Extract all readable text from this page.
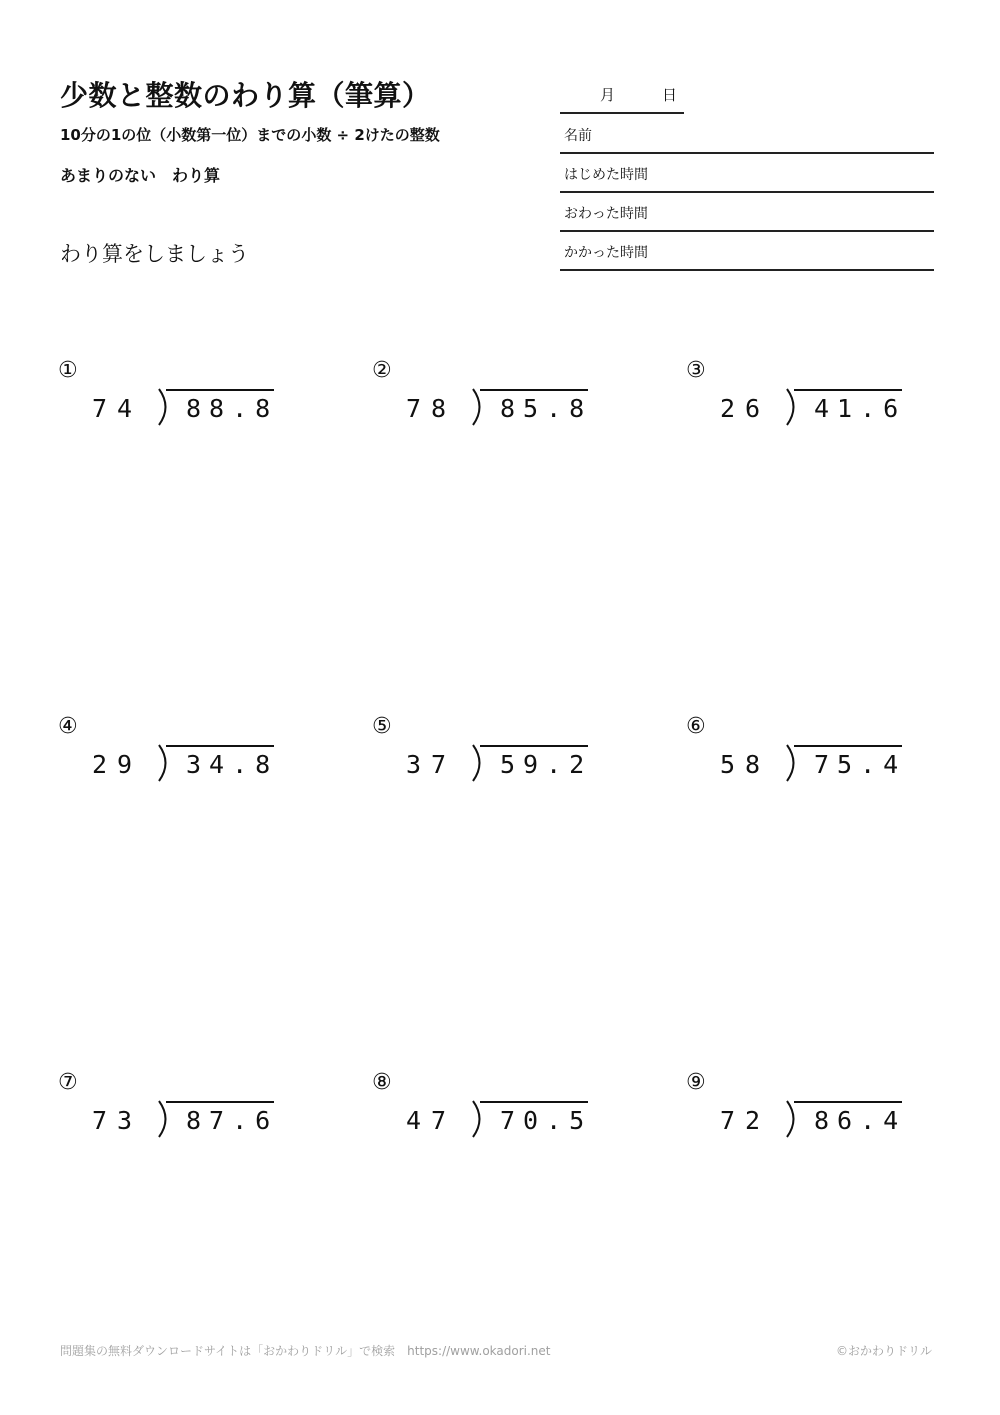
少数と整数のわり算（筆算）
10分の1の位（小数第一位）までの小数 ÷ 2けたの整数
あまりのない　わり算
わり算をしましょう
月	日
名前
はじめた時間
おわった時間
かかった時間
①
74 88.8
②
78 85.8
③
26 41.6
④
29 34.8
⑤
37 59.2
⑥
58 75.4
⑦
73 87.6
⑧
47 70.5
⑨
72 86.4
問題集の無料ダウンロードサイトは「おかわりドリル」で検索　https://www.okadori.net	©おかわりドリル
